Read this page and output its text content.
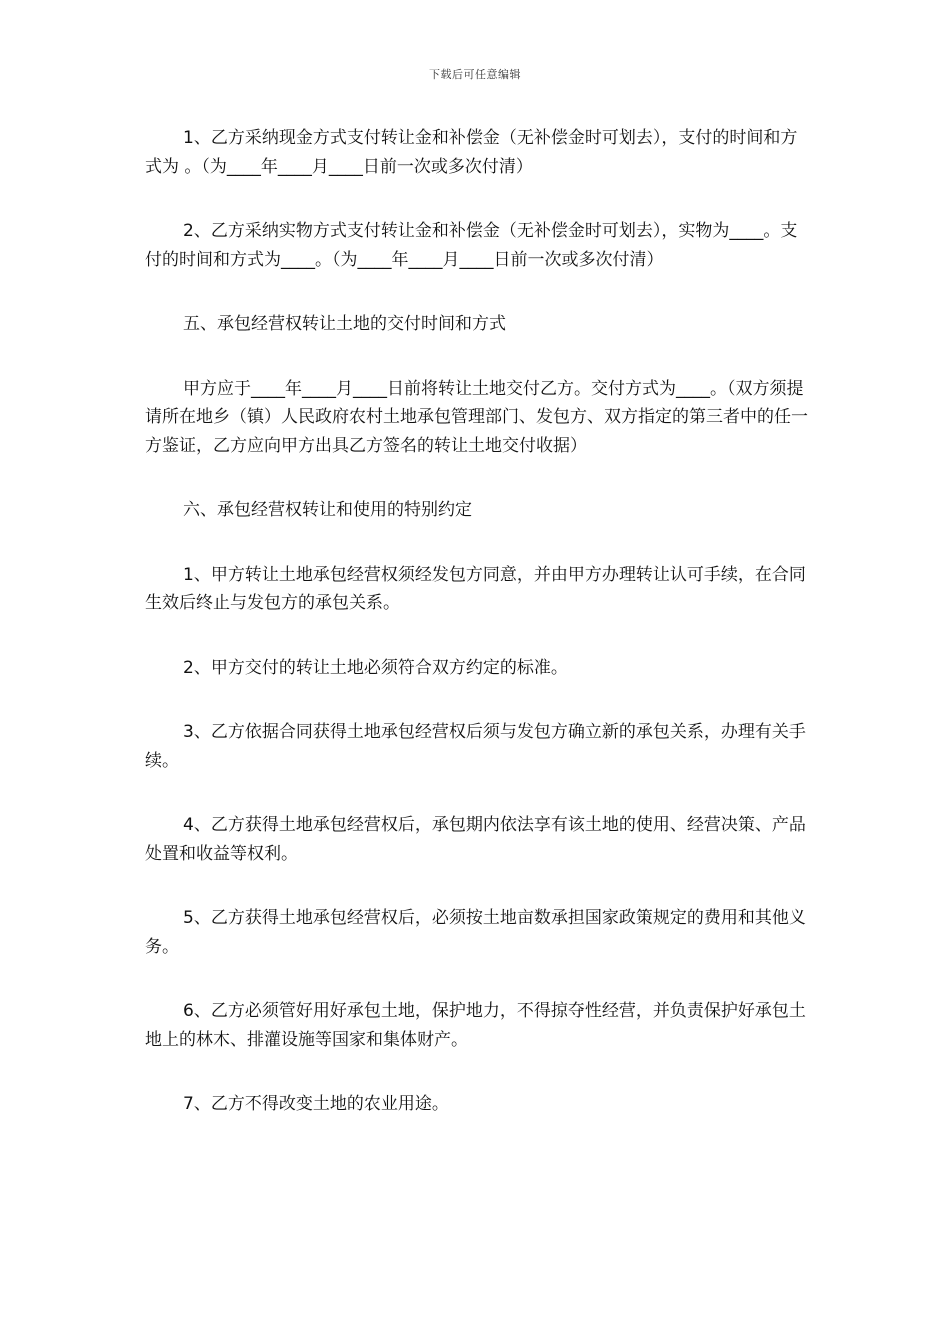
下载后可任意编辑

1、乙方采纳现金方式支付转让金和补偿金（无补偿金时可划去），支付的时间和方式为 。（为____年____月____日前一次或多次付清）

2、乙方采纳实物方式支付转让金和补偿金（无补偿金时可划去），实物为____。支付的时间和方式为____。（为____年____月____日前一次或多次付清）

五、承包经营权转让土地的交付时间和方式

甲方应于____年____月____日前将转让土地交付乙方。交付方式为____。（双方须提请所在地乡（镇）人民政府农村土地承包管理部门、发包方、双方指定的第三者中的任一方鉴证，乙方应向甲方出具乙方签名的转让土地交付收据）

六、承包经营权转让和使用的特别约定

1、甲方转让土地承包经营权须经发包方同意，并由甲方办理转让认可手续，在合同生效后终止与发包方的承包关系。

2、甲方交付的转让土地必须符合双方约定的标准。

3、乙方依据合同获得土地承包经营权后须与发包方确立新的承包关系，办理有关手续。

4、乙方获得土地承包经营权后，承包期内依法享有该土地的使用、经营决策、产品处置和收益等权利。

5、乙方获得土地承包经营权后，必须按土地亩数承担国家政策规定的费用和其他义务。

6、乙方必须管好用好承包土地，保护地力，不得掠夺性经营，并负责保护好承包土地上的林木、排灌设施等国家和集体财产。

7、乙方不得改变土地的农业用途。
